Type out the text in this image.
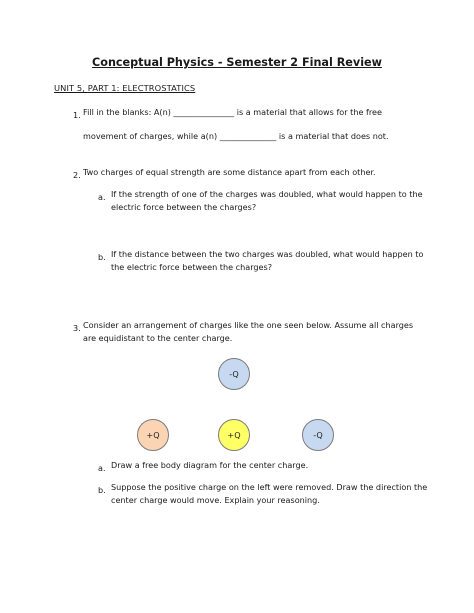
Conceptual Physics - Semester 2 Final Review
UNIT 5, PART 1: ELECTROSTATICS
1. Fill in the blanks: A(n) _______________ is a material that allows for the free
movement of charges, while a(n) ______________ is a material that does not.
2. Two charges of equal strength are some distance apart from each other.
a. If the strength of one of the charges was doubled, what would happen to the electric force between the charges?
b. If the distance between the two charges was doubled, what would happen to the electric force between the charges?
3. Consider an arrangement of charges like the one seen below. Assume all charges are equidistant to the center charge.
-Q
+Q	+Q	-Q
a. Draw a free body diagram for the center charge.
b. Suppose the positive charge on the left were removed. Draw the direction the center charge would move. Explain your reasoning.
